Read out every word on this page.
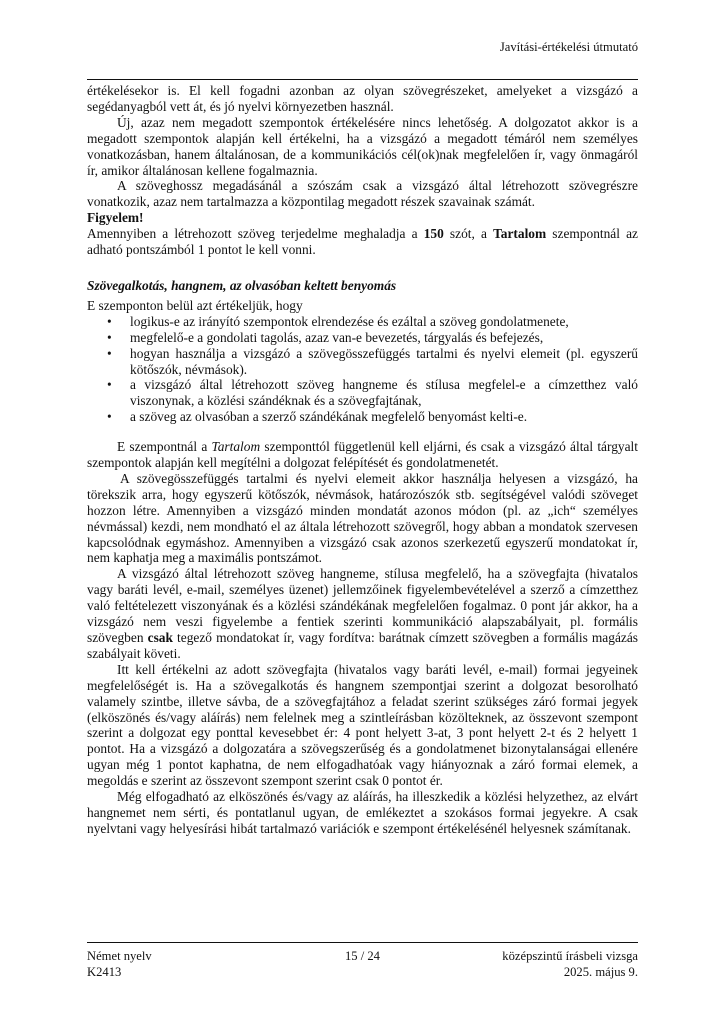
Javítási-értékelési útmutató

értékelésekor is. El kell fogadni azonban az olyan szövegrészeket, amelyeket a vizsgázó a segédanyagból vett át, és jó nyelvi környezetben használ.

Új, azaz nem megadott szempontok értékelésére nincs lehetőség. A dolgozatot akkor is a megadott szempontok alapján kell értékelni, ha a vizsgázó a megadott témáról nem személyes vonatkozásban, hanem általánosan, de a kommunikációs cél(ok)nak megfelelően ír, vagy önmagáról ír, amikor általánosan kellene fogalmaznia.

A szöveghossz megadásánál a szószám csak a vizsgázó által létrehozott szövegrészre vonatkozik, azaz nem tartalmazza a központilag megadott részek szavainak számát.

Figyelem!

Amennyiben a létrehozott szöveg terjedelme meghaladja a 150 szót, a Tartalom szempontnál az adható pontszámból 1 pontot le kell vonni.

Szövegalkotás, hangnem, az olvasóban keltett benyomás

E szemponton belül azt értékeljük, hogy

• logikus-e az irányító szempontok elrendezése és ezáltal a szöveg gondolatmenete,
• megfelelő-e a gondolati tagolás, azaz van-e bevezetés, tárgyalás és befejezés,
• hogyan használja a vizsgázó a szövegösszefüggés tartalmi és nyelvi elemeit (pl. egyszerű kötőszók, névmások).
• a vizsgázó által létrehozott szöveg hangneme és stílusa megfelel-e a címzetthez való viszonynak, a közlési szándéknak és a szövegfajtának,
• a szöveg az olvasóban a szerző szándékának megfelelő benyomást kelti-e.

E szempontnál a Tartalom szemponttól függetlenül kell eljárni, és csak a vizsgázó által tárgyalt szempontok alapján kell megítélni a dolgozat felépítését és gondolatmenetét.

A szövegösszefüggés tartalmi és nyelvi elemeit akkor használja helyesen a vizsgázó, ha törekszik arra, hogy egyszerű kötőszók, névmások, határozószók stb. segítségével valódi szöveget hozzon létre. Amennyiben a vizsgázó minden mondatát azonos módon (pl. az „ich“ személyes névmással) kezdi, nem mondható el az általa létrehozott szövegről, hogy abban a mondatok szervesen kapcsolódnak egymáshoz. Amennyiben a vizsgázó csak azonos szerkezetű egyszerű mondatokat ír, nem kaphatja meg a maximális pontszámot.

A vizsgázó által létrehozott szöveg hangneme, stílusa megfelelő, ha a szövegfajta (hivatalos vagy baráti levél, e-mail, személyes üzenet) jellemzőinek figyelembevételével a szerző a címzetthez való feltételezett viszonyának és a közlési szándékának megfelelően fogalmaz. 0 pont jár akkor, ha a vizsgázó nem veszi figyelembe a fentiek szerinti kommunikáció alapszabályait, pl. formális szövegben csak tegező mondatokat ír, vagy fordítva: barátnak címzett szövegben a formális magázás szabályait követi.

Itt kell értékelni az adott szövegfajta (hivatalos vagy baráti levél, e-mail) formai jegyeinek megfelelőségét is. Ha a szövegalkotás és hangnem szempontjai szerint a dolgozat besorolható valamely szintbe, illetve sávba, de a szövegfajtához a feladat szerint szükséges záró formai jegyek (elköszönés és/vagy aláírás) nem felelnek meg a szintleírásban közölteknek, az összevont szempont szerint a dolgozat egy ponttal kevesebbet ér: 4 pont helyett 3-at, 3 pont helyett 2-t és 2 helyett 1 pontot. Ha a vizsgázó a dolgozatára a szövegszerűség és a gondolatmenet bizonytalanságai ellenére ugyan még 1 pontot kaphatna, de nem elfogadhatóak vagy hiányoznak a záró formai elemek, a megoldás e szerint az összevont szempont szerint csak 0 pontot ér.

Még elfogadható az elköszönés és/vagy az aláírás, ha illeszkedik a közlési helyzethez, az elvárt hangnemet nem sérti, és pontatlanul ugyan, de emlékeztet a szokásos formai jegyekre. A csak nyelvtani vagy helyesírási hibát tartalmazó variációk e szempont értékelésénél helyesnek számítanak.

Német nyelv	15 / 24	középszintű írásbeli vizsga
K2413	2025. május 9.
